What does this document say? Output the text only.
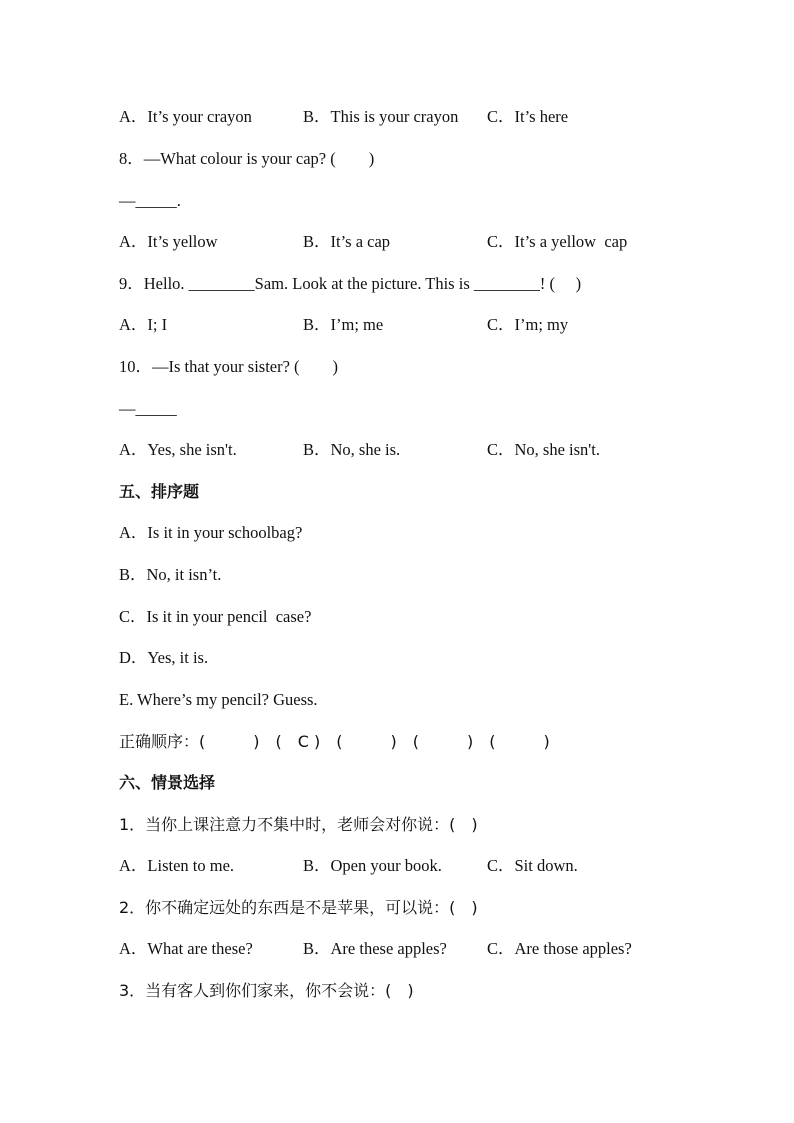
A．It’s your crayon	B．This is your crayon	C．It’s here
8．—What colour is your cap? (　　)
—_____.
A．It’s yellow	B．It’s a cap	C．It’s a yellow  cap
9．Hello. ________Sam. Look at the picture. This is ________! (　 )
A．I; I	B．I’m; me	C．I’m; my
10．—Is that your sister? (　　)
—_____
A．Yes, she isn't.	B．No, she is.	C．No, she isn't.
五、排序题
A．Is it in your schoolbag?
B．No, it isn’t.
C．Is it in your pencil  case?
D．Yes, it is.
E. Where’s my pencil? Guess.
正确顺序：(　　　)　(　C )　(　　　)　(　　　)　(　　　)
六、情景选择
1．当你上课注意力不集中时，老师会对你说：(　)
A．Listen to me.	B．Open your book.	C．Sit down.
2．你不确定远处的东西是不是苹果，可以说：(　)
A．What are these?	B．Are these apples?	C．Are those apples?
3．当有客人到你们家来，你不会说：(　)
